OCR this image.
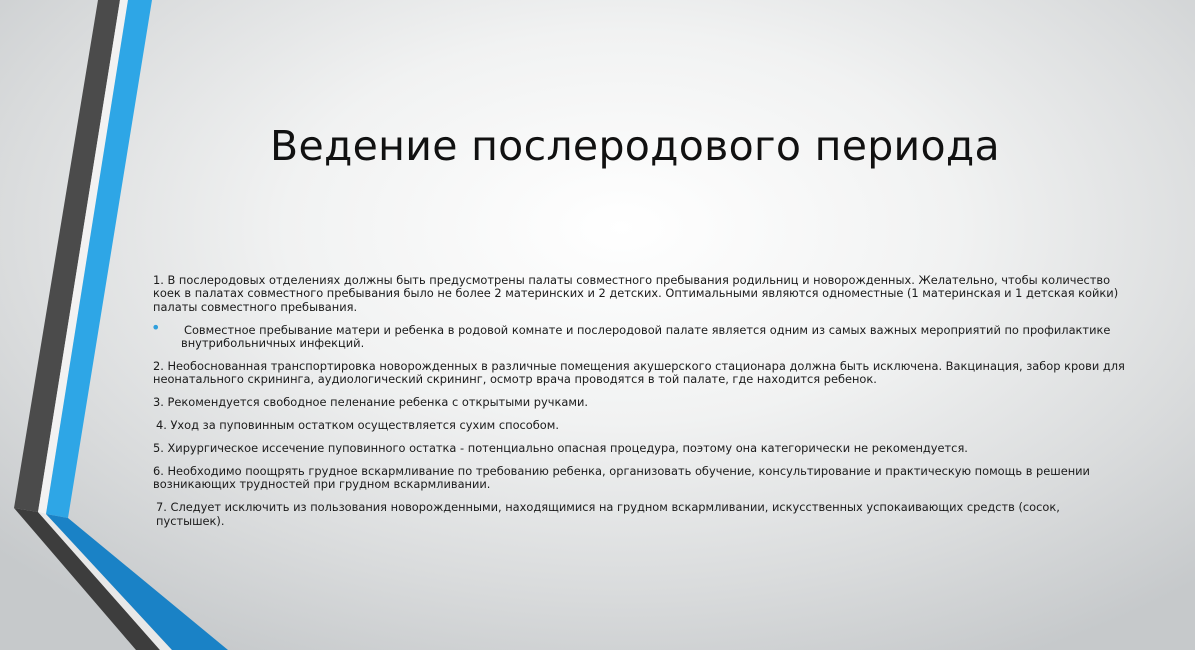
Ведение послеродового периода

1. В послеродовых отделениях должны быть предусмотрены палаты совместного пребывания родильниц и новорожденных. Желательно, чтобы количество коек в палатах совместного пребывания было не более 2 материнских и 2 детских. Оптимальными являются одноместные (1 материнская и 1 детская койки) палаты совместного пребывания.

• Совместное пребывание матери и ребенка в родовой комнате и послеродовой палате является одним из самых важных мероприятий по профилактике внутрибольничных инфекций.

2. Необоснованная транспортировка новорожденных в различные помещения акушерского стационара должна быть исключена. Вакцинация, забор крови для неонатального скрининга, аудиологический скрининг, осмотр врача проводятся в той палате, где находится ребенок.

3. Рекомендуется свободное пеленание ребенка с открытыми ручками.

4. Уход за пуповинным остатком осуществляется сухим способом.

5. Хирургическое иссечение пуповинного остатка - потенциально опасная процедура, поэтому она категорически не рекомендуется.

6. Необходимо поощрять грудное вскармливание по требованию ребенка, организовать обучение, консультирование и практическую помощь в решении возникающих трудностей при грудном вскармливании.

7. Следует исключить из пользования новорожденными, находящимися на грудном вскармливании, искусственных успокаивающих средств (сосок, пустышек).
